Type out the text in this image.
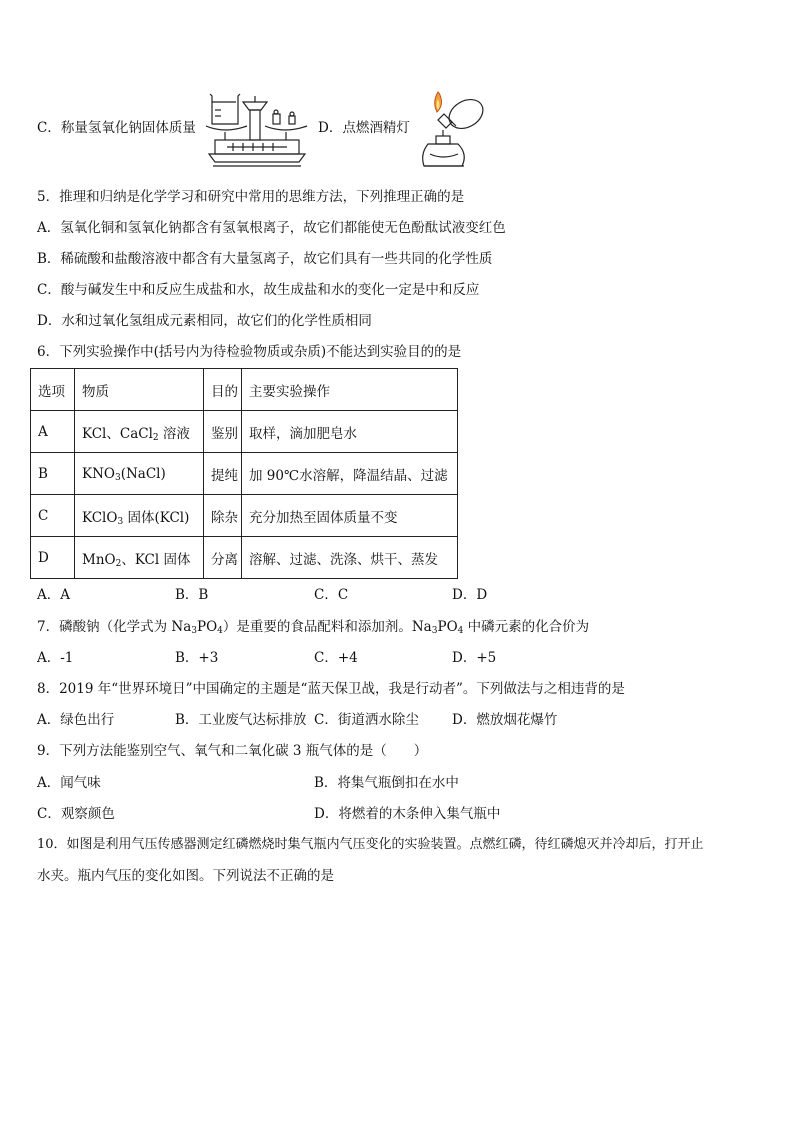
C．称量氢氧化钠固体质量	D．点燃酒精灯
5．推理和归纳是化学学习和研究中常用的思维方法，下列推理正确的是
A．氢氧化铜和氢氧化钠都含有氢氧根离子，故它们都能使无色酚酞试液变红色
B．稀硫酸和盐酸溶液中都含有大量氢离子，故它们具有一些共同的化学性质
C．酸与碱发生中和反应生成盐和水，故生成盐和水的变化一定是中和反应
D．水和过氧化氢组成元素相同，故它们的化学性质相同
6．下列实验操作中(括号内为待检验物质或杂质)不能达到实验目的的是
选项	物质	目的	主要实验操作
A	KCl、CaCl$_2$ 溶液	鉴别	取样，滴加肥皂水
B	$KNO_3(NaCl)$	提纯	加 90℃水溶解，降温结晶、过滤
C	KClO$_3$ 固体(KCl)	除杂	充分加热至固体质量不变
D	MnO$_2$、KCl 固体	分离	溶解、过滤、洗涤、烘干、蒸发
A．A	B．B	C．C	D．D
7．磷酸钠（化学式为 $Na_3PO_4$）是重要的食品配料和添加剂。$Na_3PO_4$ 中磷元素的化合价为
A．-1	B．+3	C．+4	D．+5
8．2019 年“世界环境日”中国确定的主题是“蓝天保卫战，我是行动者”。下列做法与之相违背的是
A．绿色出行	B．工业废气达标排放 C．街道洒水除尘 D．燃放烟花爆竹
9．下列方法能鉴别空气、氧气和二氧化碳 3 瓶气体的是（　　）
A．闻气味	B．将集气瓶倒扣在水中
C．观察颜色	D．将燃着的木条伸入集气瓶中
10．如图是利用气压传感器测定红磷燃烧时集气瓶内气压变化的实验装置。点燃红磷，待红磷熄灭并冷却后，打开止
水夹。瓶内气压的变化如图。下列说法不正确的是
